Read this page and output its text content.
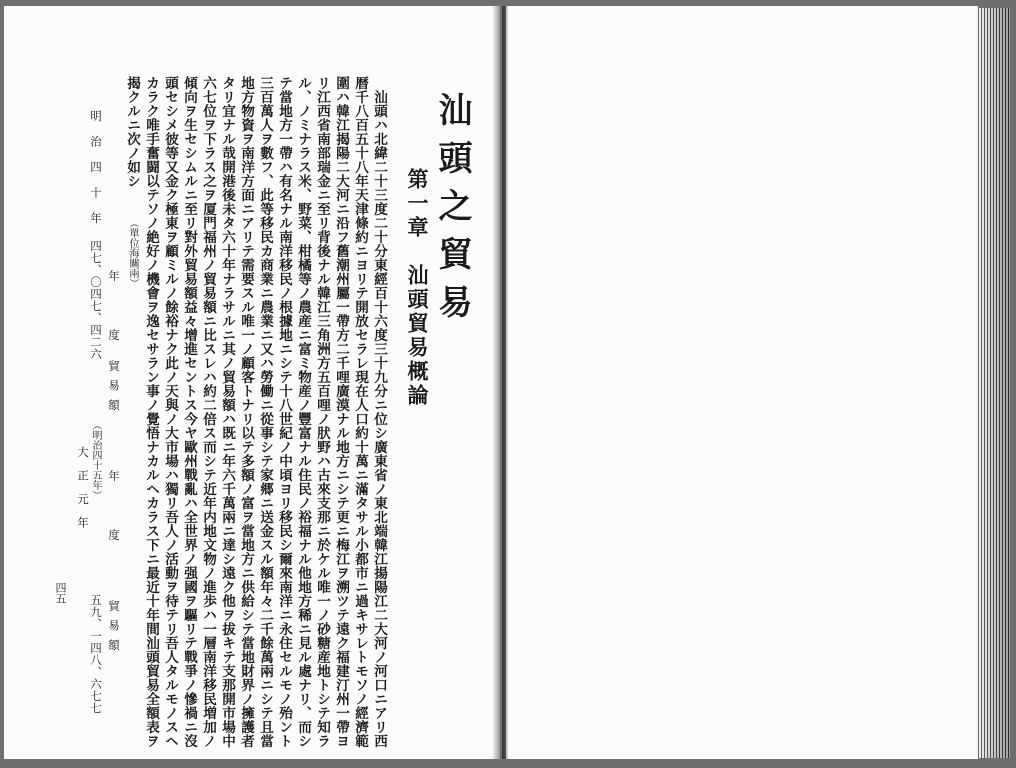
汕頭之貿易
第一章　汕頭貿易概論
汕頭ハ北緯二十三度二十分東經百十六度三十九分ニ位シ廣東省ノ東北端韓江揚陽江二大河ノ河口ニアリ西
暦千八百五十八年天津條約ニヨリテ開放セラレ現在人口約十萬ニ滿タサル小都市ニ過キサレトモソノ經濟範
圍ハ韓江揭陽二大河ニ沿フ舊潮州屬一帶方二千哩廣漠ナル地方ニシテ更ニ梅江ヲ溯ツテ遠ク福建汀州一帶ヨ
リ江西省南部瑞金ニ至リ背後ナル韓江三角洲方五百哩ノ肰野ハ古來支那ニ於ケル唯一ノ砂糖産地トシテ知ラ
ル、ノミナラス米、野菜、柑橘等ノ農産ニ富ミ物産ノ豐富ナル住民ノ裕福ナル他地方稀ニ見ル處ナリ、而シ
テ當地方一帶ハ有名ナル南洋移民ノ根據地ニシテ十八世紀ノ中頃ヨリ移民シ爾來南洋ニ永住セルモノ殆ント
三百萬人ヲ數フ、此等移民カ商業ニ農業ニ又ハ勞働ニ從事シテ家郷ニ送金スル額年々二千餘萬兩ニシテ且當
地方物資ヲ南洋方面ニアリテ需要スル唯一ノ顧客トナリ以テ多額ノ富ヲ當地方ニ供給シテ當地財界ノ擁護者
タリ宜ナル哉開港後未タ六十年ナラサルニ其ノ貿易額ハ既ニ年六千萬兩ニ達シ遠ク他ヲ拔キテ支那開市場中
六七位ヲ下ラス之ヲ厦門福州ノ貿易額ニ比スレハ約二倍ス而シテ近年内地文物ノ進歩ハ一層南洋移民増加ノ
傾向ヲ生セシムルニ至リ對外貿易額益々增進セントス今ヤ歐州戰亂ハ全世界ノ强國ヲ驅リテ戰爭ノ慘禍ニ沒
頭セシメ彼等又金ク極東ヲ顧ミルノ餘裕ナク此ノ天與ノ大市場ハ獨リ吾人ノ活動ヲ待テリ吾人タルモノスヘ
カラク唯手奮闘以テソノ絶好ノ機會ヲ逸セサラン事ノ覺悟ナカルヘカラス下ニ最近十年間汕頭貿易全額表ヲ
揭クルニ次ノ如シ
（單位海關兩）
年　度
年　度
貿易額
貿易額
明治四十年
四七、〇四七、四二六
（明治四十五年）
大正元年
五九、一四八、六七七
四五
